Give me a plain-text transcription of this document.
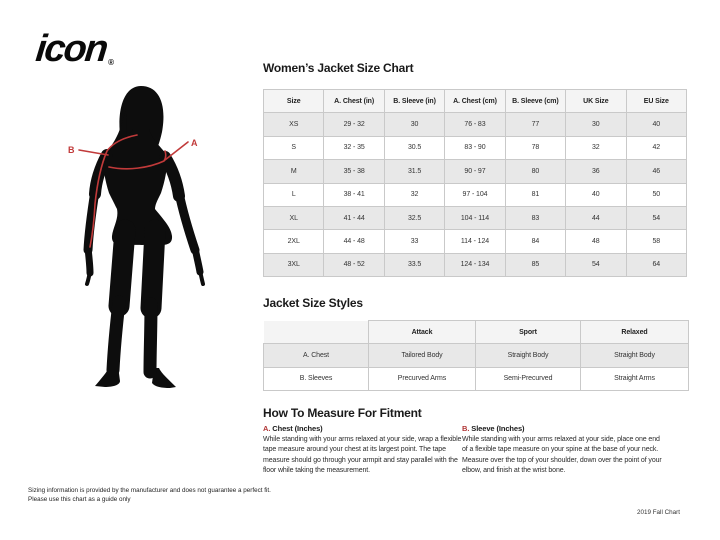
icon$_®$
A
B
Women’s Jacket Size Chart
Size	A. Chest (in)	B. Sleeve (in)	A. Chest (cm)	B. Sleeve (cm)	UK Size	EU Size
XS	29 - 32	30	76 - 83	77	30	40
S	32 - 35	30.5	83 - 90	78	32	42
M	35 - 38	31.5	90 - 97	80	36	46
L	38 - 41	32	97 - 104	81	40	50
XL	41 - 44	32.5	104 - 114	83	44	54
2XL	44 - 48	33	114 - 124	84	48	58
3XL	48 - 52	33.5	124 - 134	85	54	64
Jacket Size Styles
	Attack	Sport	Relaxed
A. Chest	Tailored Body	Straight Body	Straight Body
B. Sleeves	Precurved Arms	Semi-Precurved	Straight Arms
How To Measure For Fitment

A. Chest (Inches)

While standing with your arms relaxed at your side, wrap a flexible tape measure around your chest at its largest point. The tape measure should go through your armpit and stay parallel with the floor while taking the measurement.

B. Sleeve (Inches)

While standing with your arms relaxed at your side, place one end of a flexible tape measure on your spine at the base of your neck. Measure over the top of your shoulder, down over the point of your elbow, and finish at the wrist bone.

Sizing information is provided by the manufacturer and does not guarantee a perfect fit.
Please use this chart as a guide only
2019 Fall Chart
